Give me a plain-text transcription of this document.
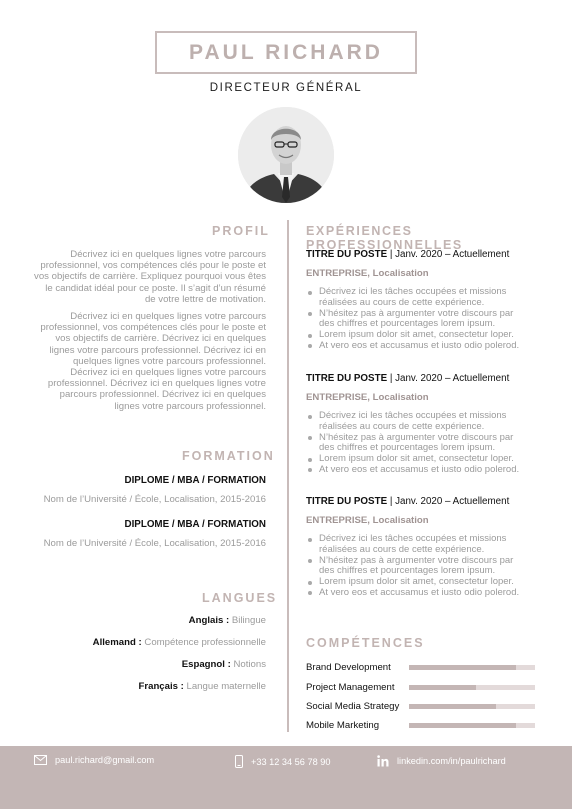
PAUL RICHARD
DIRECTEUR GÉNÉRAL
PROFIL
Décrivez ici en quelques lignes votre parcours
professionnel, vos compétences clés pour le poste et
vos objectifs de carrière. Expliquez pourquoi vous êtes
le candidat idéal pour ce poste. Il s’agit d’un résumé
de votre lettre de motivation.
Décrivez ici en quelques lignes votre parcours
professionnel, vos compétences clés pour le poste et
vos objectifs de carrière. Décrivez ici en quelques
lignes votre parcours professionnel. Décrivez ici en
quelques lignes votre parcours professionnel.
Décrivez ici en quelques lignes votre parcours
professionnel. Décrivez ici en quelques lignes votre
parcours professionnel. Décrivez ici en quelques
lignes votre parcours professionnel.
FORMATION
DIPLOME / MBA / FORMATION
Nom de l’Université / École, Localisation, 2015-2016
DIPLOME / MBA / FORMATION
Nom de l’Université / École, Localisation, 2015-2016
LANGUES
Anglais : Bilingue
Allemand : Compétence professionnelle
Espagnol : Notions
Français : Langue maternelle
EXPÉRIENCES PROFESSIONNELLES
TITRE DU POSTE | Janv. 2020 – Actuellement
ENTREPRISE, Localisation
Décrivez ici les tâches occupées et missions
réalisées au cours de cette expérience.
N’hésitez pas à argumenter votre discours par
des chiffres et pourcentages lorem ipsum.
Lorem ipsum dolor sit amet, consectetur loper.
At vero eos et accusamus et iusto odio polerod.
TITRE DU POSTE | Janv. 2020 – Actuellement
ENTREPRISE, Localisation
Décrivez ici les tâches occupées et missions
réalisées au cours de cette expérience.
N’hésitez pas à argumenter votre discours par
des chiffres et pourcentages lorem ipsum.
Lorem ipsum dolor sit amet, consectetur loper.
At vero eos et accusamus et iusto odio polerod.
TITRE DU POSTE | Janv. 2020 – Actuellement
ENTREPRISE, Localisation
Décrivez ici les tâches occupées et missions
réalisées au cours de cette expérience.
N’hésitez pas à argumenter votre discours par
des chiffres et pourcentages lorem ipsum.
Lorem ipsum dolor sit amet, consectetur loper.
At vero eos et accusamus et iusto odio polerod.
COMPÉTENCES
Brand Development
Project Management
Social Media Strategy
Mobile Marketing
paul.richard@gmail.com	+33 12 34 56 78 90	linkedin.com/in/paulrichard
